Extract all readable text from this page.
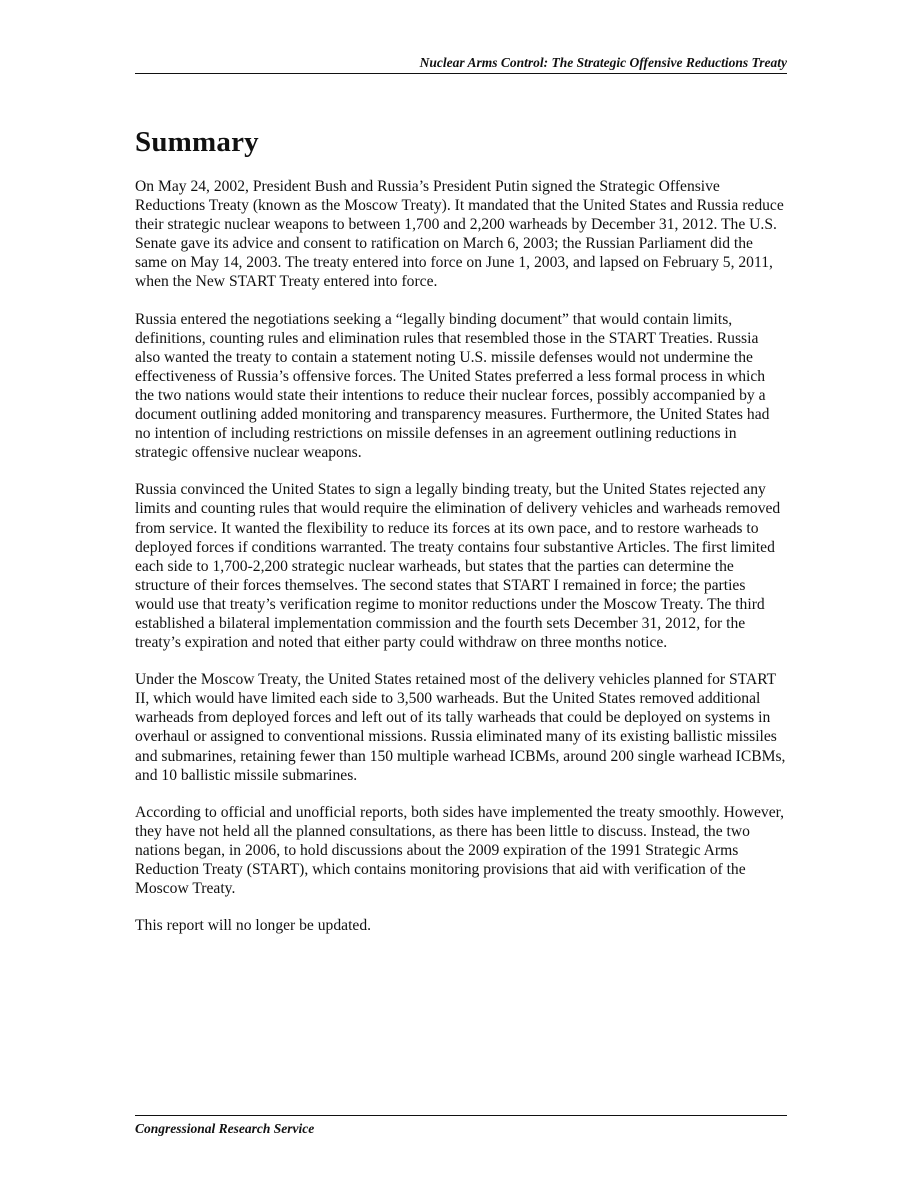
Nuclear Arms Control: The Strategic Offensive Reductions Treaty
Summary

On May 24, 2002, President Bush and Russia’s President Putin signed the Strategic Offensive Reductions Treaty (known as the Moscow Treaty). It mandated that the United States and Russia reduce their strategic nuclear weapons to between 1,700 and 2,200 warheads by December 31, 2012. The U.S. Senate gave its advice and consent to ratification on March 6, 2003; the Russian Parliament did the same on May 14, 2003. The treaty entered into force on June 1, 2003, and lapsed on February 5, 2011, when the New START Treaty entered into force.

Russia entered the negotiations seeking a “legally binding document” that would contain limits, definitions, counting rules and elimination rules that resembled those in the START Treaties. Russia also wanted the treaty to contain a statement noting U.S. missile defenses would not undermine the effectiveness of Russia’s offensive forces. The United States preferred a less formal process in which the two nations would state their intentions to reduce their nuclear forces, possibly accompanied by a document outlining added monitoring and transparency measures. Furthermore, the United States had no intention of including restrictions on missile defenses in an agreement outlining reductions in strategic offensive nuclear weapons.

Russia convinced the United States to sign a legally binding treaty, but the United States rejected any limits and counting rules that would require the elimination of delivery vehicles and warheads removed from service. It wanted the flexibility to reduce its forces at its own pace, and to restore warheads to deployed forces if conditions warranted. The treaty contains four substantive Articles. The first limited each side to 1,700-2,200 strategic nuclear warheads, but states that the parties can determine the structure of their forces themselves. The second states that START I remained in force; the parties would use that treaty’s verification regime to monitor reductions under the Moscow Treaty. The third established a bilateral implementation commission and the fourth sets December 31, 2012, for the treaty’s expiration and noted that either party could withdraw on three months notice.

Under the Moscow Treaty, the United States retained most of the delivery vehicles planned for START II, which would have limited each side to 3,500 warheads. But the United States removed additional warheads from deployed forces and left out of its tally warheads that could be deployed on systems in overhaul or assigned to conventional missions. Russia eliminated many of its existing ballistic missiles and submarines, retaining fewer than 150 multiple warhead ICBMs, around 200 single warhead ICBMs, and 10 ballistic missile submarines.

According to official and unofficial reports, both sides have implemented the treaty smoothly. However, they have not held all the planned consultations, as there has been little to discuss. Instead, the two nations began, in 2006, to hold discussions about the 2009 expiration of the 1991 Strategic Arms Reduction Treaty (START), which contains monitoring provisions that aid with verification of the Moscow Treaty.

This report will no longer be updated.

Congressional Research Service
